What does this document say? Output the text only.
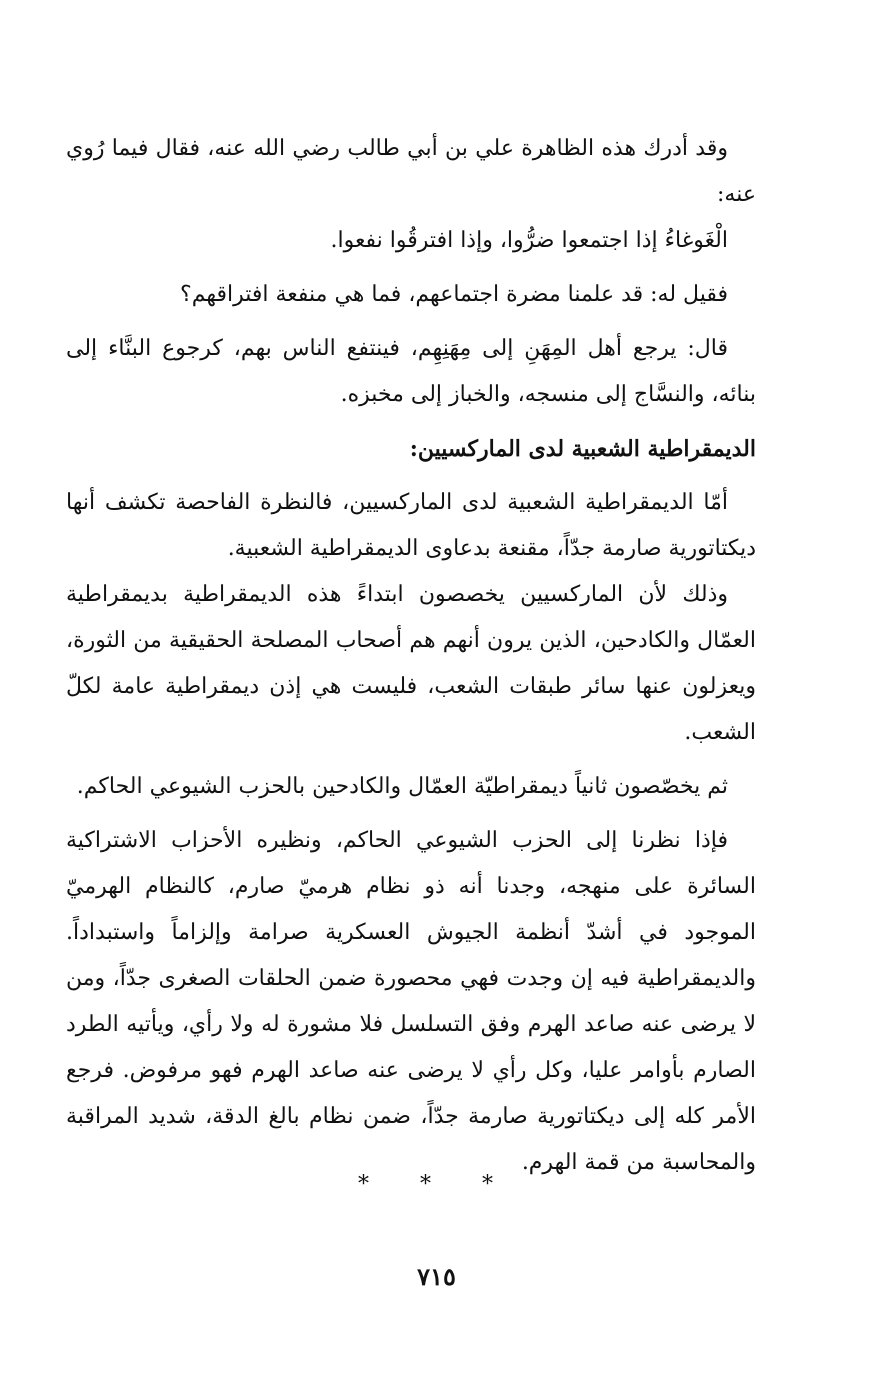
وقد أدرك هذه الظاهرة علي بن أبي طالب رضي الله عنه، فقال فيما رُوي عنه:

الْغَوغاءُ إذا اجتمعوا ضرُّوا، وإذا افترقُوا نفعوا.

فقيل له: قد علمنا مضرة اجتماعهم، فما هي منفعة افتراقهم؟

قال: يرجع أهل المِهَنِ إلى مِهَنِهِم، فينتفع الناس بهم، كرجوع البنَّاء إلى بنائه، والنسَّاج إلى منسجه، والخباز إلى مخبزه.

الديمقراطية الشعبية لدى الماركسيين:

أمّا الديمقراطية الشعبية لدى الماركسيين، فالنظرة الفاحصة تكشف أنها ديكتاتورية صارمة جدّاً، مقنعة بدعاوى الديمقراطية الشعبية.

وذلك لأن الماركسيين يخصصون ابتداءً هذه الديمقراطية بديمقراطية العمّال والكادحين، الذين يرون أنهم هم أصحاب المصلحة الحقيقية من الثورة، ويعزلون عنها سائر طبقات الشعب، فليست هي إذن ديمقراطية عامة لكلّ الشعب.

ثم يخصّصون ثانياً ديمقراطيّة العمّال والكادحين بالحزب الشيوعي الحاكم.

فإذا نظرنا إلى الحزب الشيوعي الحاكم، ونظيره الأحزاب الاشتراكية السائرة على منهجه، وجدنا أنه ذو نظام هرميّ صارم، كالنظام الهرميّ الموجود في أشدّ أنظمة الجيوش العسكرية صرامة وإلزاماً واستبداداً. والديمقراطية فيه إن وجدت فهي محصورة ضمن الحلقات الصغرى جدّاً، ومن لا يرضى عنه صاعد الهرم وفق التسلسل فلا مشورة له ولا رأي، ويأتيه الطرد الصارم بأوامر عليا، وكل رأي لا يرضى عنه صاعد الهرم فهو مرفوض. فرجع الأمر كله إلى ديكتاتورية صارمة جدّاً، ضمن نظام بالغ الدقة، شديد المراقبة والمحاسبة من قمة الهرم.

* * *
٧١٥
